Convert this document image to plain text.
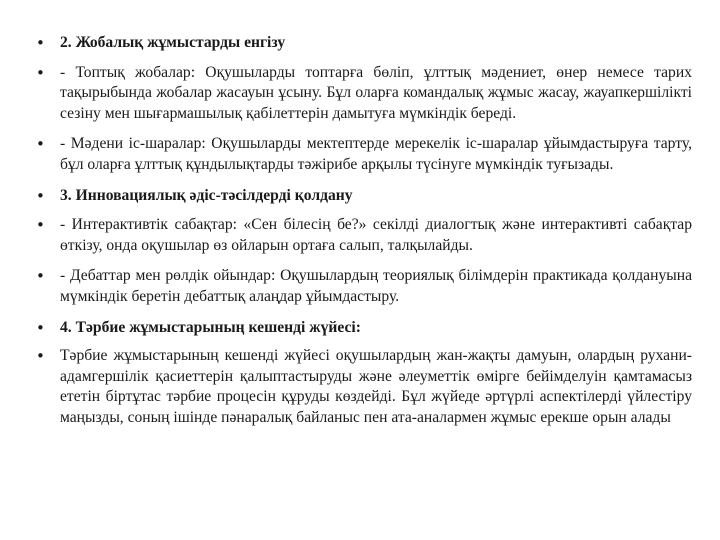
• 2. Жобалық жұмыстарды енгізу
• - Топтық жобалар: Оқушыларды топтарға бөліп, ұлттық мәдениет, өнер немесе тарих тақырыбында жобалар жасауын ұсыну. Бұл оларға командалық жұмыс жасау, жауапкершілікті сезіну мен шығармашылық қабілеттерін дамытуға мүмкіндік береді.
• - Мәдени іс-шаралар: Оқушыларды мектептерде мерекелік іс-шаралар ұйымдастыруға тарту, бұл оларға ұлттық құндылықтарды тәжірибе арқылы түсінуге мүмкіндік туғызады.
• 3. Инновациялық әдіс-тәсілдерді қолдану
• - Интерактивтік сабақтар: «Сен білесің бе?» секілді диалогтық және интерактивті сабақтар өткізу, онда оқушылар өз ойларын ортаға салып, талқылайды.
• - Дебаттар мен рөлдік ойындар: Оқушылардың теориялық білімдерін практикада қолдануына мүмкіндік беретін дебаттық алаңдар ұйымдастыру.
• 4. Тәрбие жұмыстарының кешенді жүйесі:
• Тәрбие жұмыстарының кешенді жүйесі оқушылардың жан-жақты дамуын, олардың рухани-адамгершілік қасиеттерін қалыптастыруды және әлеуметтік өмірге бейімделуін қамтамасыз ететін біртұтас тәрбие процесін құруды көздейді. Бұл жүйеде әртүрлі аспектілерді үйлестіру маңызды, соның ішінде пәнаралық байланыс пен ата-аналармен жұмыс ерекше орын алады
